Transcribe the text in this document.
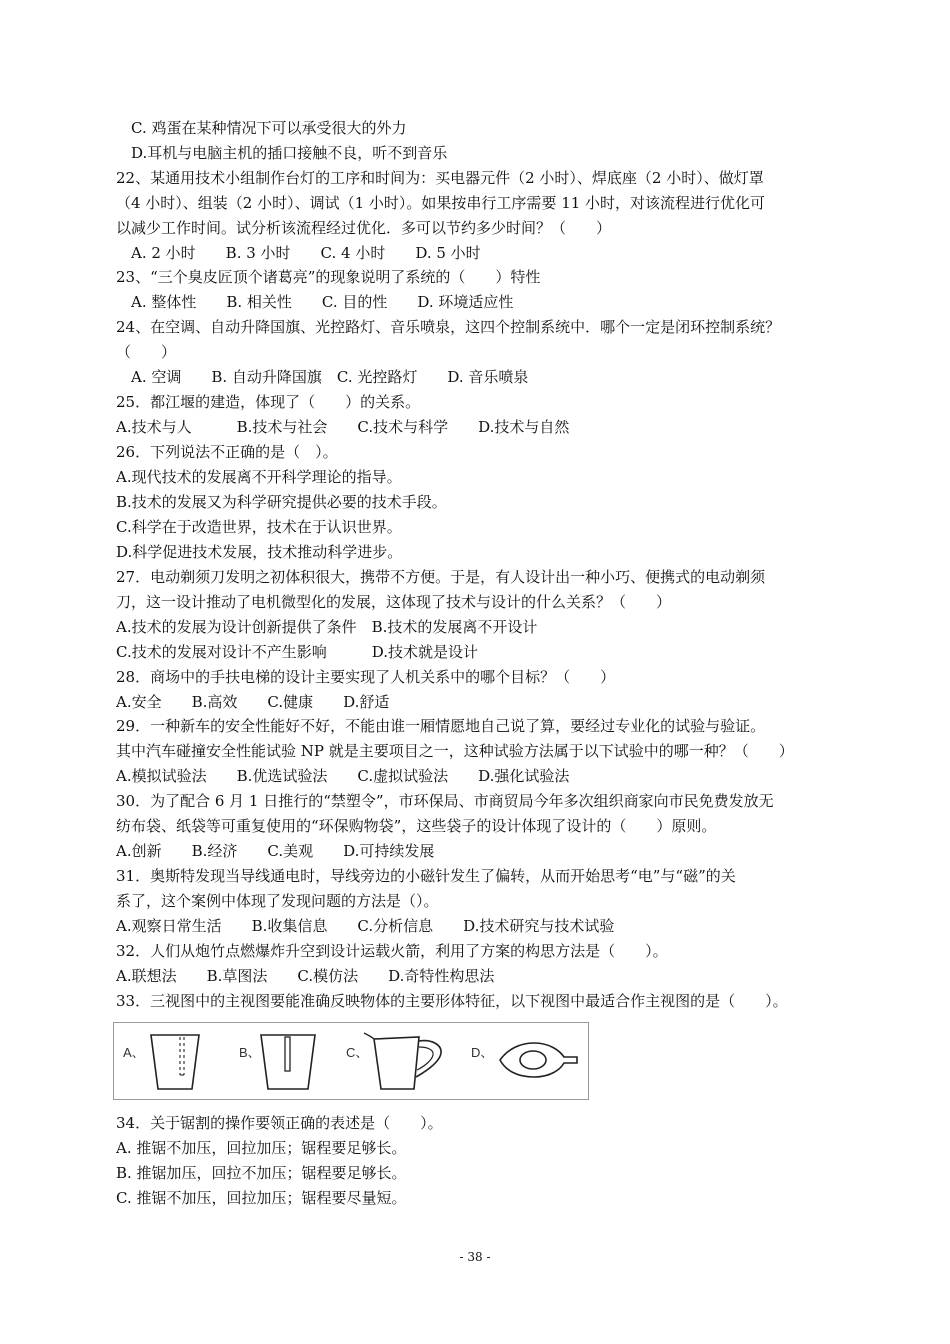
C. 鸡蛋在某种情况下可以承受很大的外力
D.耳机与电脑主机的插口接触不良，听不到音乐
22、某通用技术小组制作台灯的工序和时间为：买电器元件（2 小时）、焊底座（2 小时）、做灯罩
（4 小时）、组装（2 小时）、调试（1 小时）。如果按串行工序需要 11 小时，对该流程进行优化可
以减少工作时间。试分析该流程经过优化．多可以节约多少时间？（　　）
A. 2 小时　　B. 3 小时　　C. 4 小时　　D. 5 小时
23、“三个臭皮匠顶个诸葛亮”的现象说明了系统的（　　）特性
A. 整体性　　B. 相关性　　C. 目的性　　D. 环境适应性
24、在空调、自动升降国旗、光控路灯、音乐喷泉，这四个控制系统中．哪个一定是闭环控制系统？
（　　）
A. 空调　　B. 自动升降国旗　C. 光控路灯　　D. 音乐喷泉
25．都江堰的建造，体现了（　　）的关系。
A.技术与人　　　B.技术与社会　　C.技术与科学　　D.技术与自然
26．下列说法不正确的是（　）。
A.现代技术的发展离不开科学理论的指导。
B.技术的发展又为科学研究提供必要的技术手段。
C.科学在于改造世界，技术在于认识世界。
D.科学促进技术发展，技术推动科学进步。
27．电动剃须刀发明之初体积很大，携带不方便。于是，有人设计出一种小巧、便携式的电动剃须
刀，这一设计推动了电机微型化的发展，这体现了技术与设计的什么关系？（　　）
A.技术的发展为设计创新提供了条件　B.技术的发展离不开设计
C.技术的发展对设计不产生影响　　　D.技术就是设计
28．商场中的手扶电梯的设计主要实现了人机关系中的哪个目标？（　　）
A.安全　　B.高效　　C.健康　　D.舒适
29．一种新车的安全性能好不好，不能由谁一厢情愿地自己说了算，要经过专业化的试验与验证。
其中汽车碰撞安全性能试验 NP 就是主要项目之一，这种试验方法属于以下试验中的哪一种？（　　）
A.模拟试验法　　B.优选试验法　　C.虚拟试验法　　D.强化试验法
30．为了配合 6 月 1 日推行的“禁塑令”，市环保局、市商贸局今年多次组织商家向市民免费发放无
纺布袋、纸袋等可重复使用的“环保购物袋”，这些袋子的设计体现了设计的（　　）原则。
A.创新　　B.经济　　C.美观　　D.可持续发展
31．奥斯特发现当导线通电时，导线旁边的小磁针发生了偏转，从而开始思考“电”与“磁”的关
系了，这个案例中体现了发现问题的方法是（）。
A.观察日常生活　　B.收集信息　　C.分析信息　　D.技术研究与技术试验
32．人们从炮竹点燃爆炸升空到设计运载火箭，利用了方案的构思方法是（　　）。
A.联想法　　B.草图法　　C.模仿法　　D.奇特性构思法
33．三视图中的主视图要能准确反映物体的主要形体特征，以下视图中最适合作主视图的是（　　）。
A、	B、	C、	D、
34．关于锯割的操作要领正确的表述是（　　）。
A. 推锯不加压，回拉加压；锯程要足够长。
B. 推锯加压，回拉不加压；锯程要足够长。
C. 推锯不加压，回拉加压；锯程要尽量短。
- 38 -
